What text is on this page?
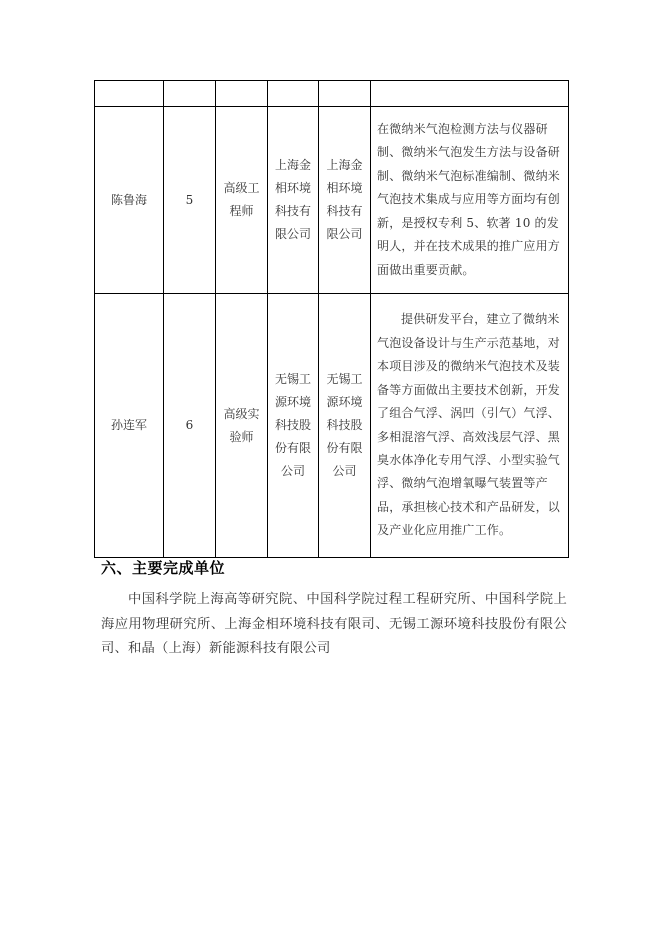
陈鲁海	5	高级工程师	上海金相环境科技有限公司	上海金相环境科技有限公司	在微纳米气泡检测方法与仪器研制、微纳米气泡发生方法与设备研制、微纳米气泡标准编制、微纳米气泡技术集成与应用等方面均有创新，是授权专利 5、软著 10 的发明人，并在技术成果的推广应用方面做出重要贡献。
孙连军	6	高级实验师	无锡工源环境科技股份有限公司	无锡工源环境科技股份有限公司	提供研发平台，建立了微纳米气泡设备设计与生产示范基地，对本项目涉及的微纳米气泡技术及装备等方面做出主要技术创新，开发了组合气浮、涡凹（引气）气浮、多相混溶气浮、高效浅层气浮、黑臭水体净化专用气浮、小型实验气浮、微纳气泡增氧曝气装置等产品，承担核心技术和产品研发，以及产业化应用推广工作。
六、主要完成单位

中国科学院上海高等研究院、中国科学院过程工程研究所、中国科学院上海应用物理研究所、上海金相环境科技有限司、无锡工源环境科技股份有限公司、和晶（上海）新能源科技有限公司
